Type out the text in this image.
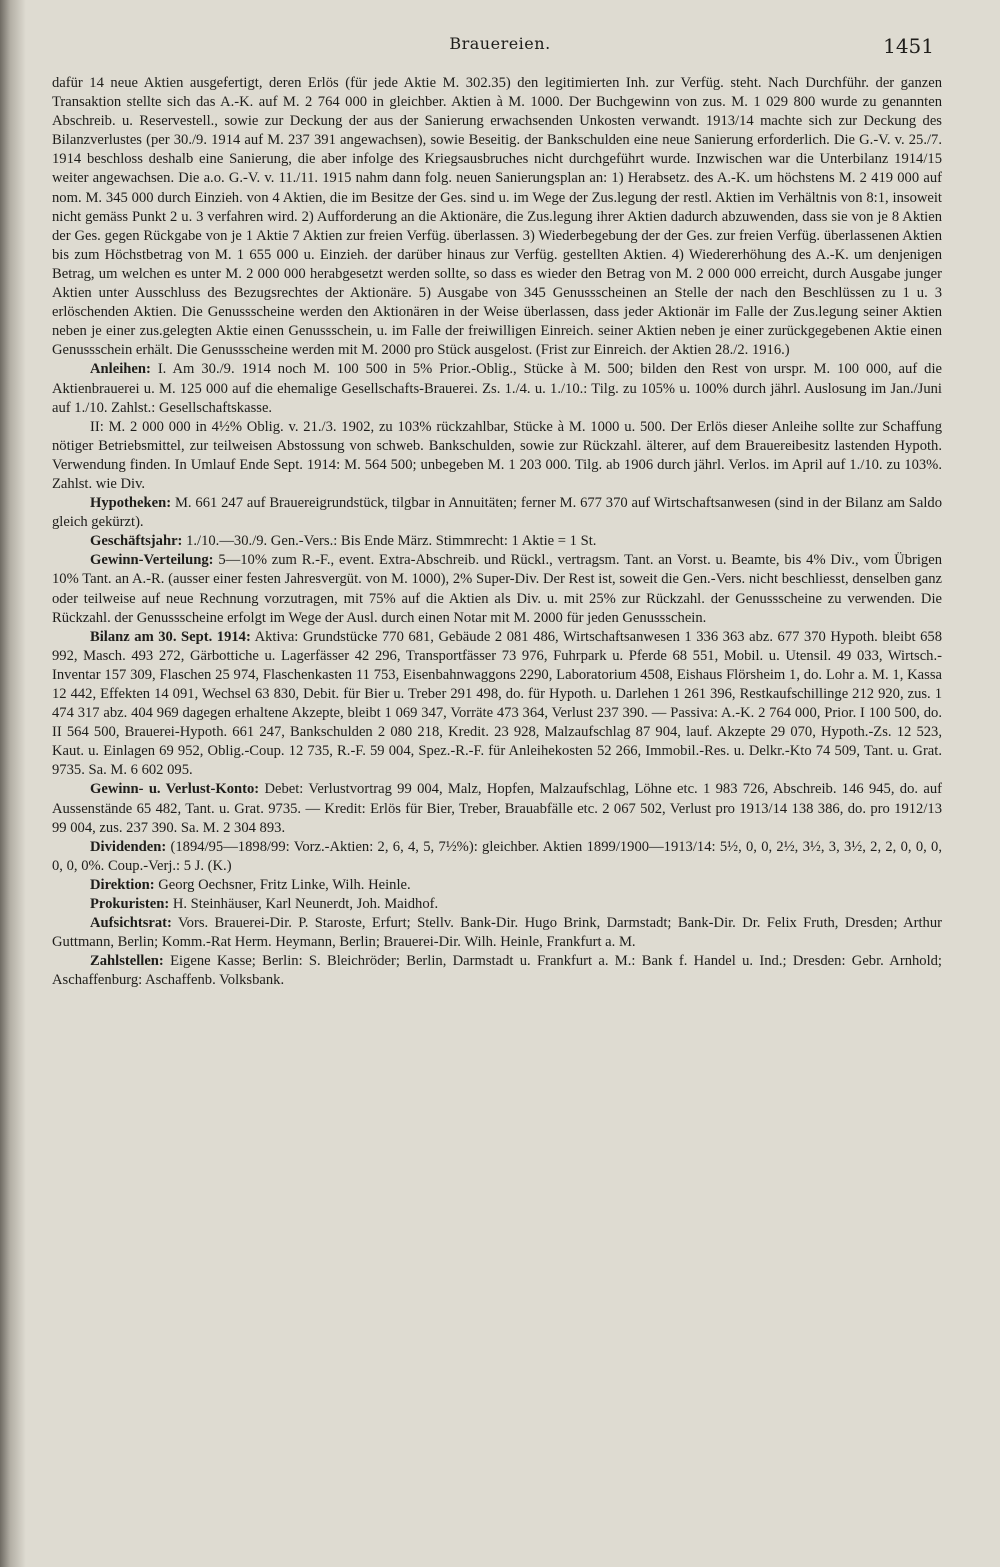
Brauereien.	1451

dafür 14 neue Aktien ausgefertigt, deren Erlös (für jede Aktie M. 302.35) den legitimierten Inh. zur Verfüg. steht. Nach Durchführ. der ganzen Transaktion stellte sich das A.-K. auf M. 2 764 000 in gleichber. Aktien à M. 1000. Der Buchgewinn von zus. M. 1 029 800 wurde zu genannten Abschreib. u. Reservestell., sowie zur Deckung der aus der Sanierung erwachsenden Unkosten verwandt. 1913/14 machte sich zur Deckung des Bilanzverlustes (per 30./9. 1914 auf M. 237 391 angewachsen), sowie Beseitig. der Bankschulden eine neue Sanierung erforderlich. Die G.-V. v. 25./7. 1914 beschloss deshalb eine Sanierung, die aber infolge des Kriegsausbruches nicht durchgeführt wurde. Inzwischen war die Unterbilanz 1914/15 weiter angewachsen. Die a.o. G.-V. v. 11./11. 1915 nahm dann folg. neuen Sanierungsplan an: 1) Herabsetz. des A.-K. um höchstens M. 2 419 000 auf nom. M. 345 000 durch Einzieh. von 4 Aktien, die im Besitze der Ges. sind u. im Wege der Zus.legung der restl. Aktien im Verhältnis von 8:1, insoweit nicht gemäss Punkt 2 u. 3 verfahren wird. 2) Aufforderung an die Aktionäre, die Zus.legung ihrer Aktien dadurch abzuwenden, dass sie von je 8 Aktien der Ges. gegen Rückgabe von je 1 Aktie 7 Aktien zur freien Verfüg. überlassen. 3) Wiederbegebung der der Ges. zur freien Verfüg. überlassenen Aktien bis zum Höchstbetrag von M. 1 655 000 u. Einzieh. der darüber hinaus zur Verfüg. gestellten Aktien. 4) Wiedererhöhung des A.-K. um denjenigen Betrag, um welchen es unter M. 2 000 000 herabgesetzt werden sollte, so dass es wieder den Betrag von M. 2 000 000 erreicht, durch Ausgabe junger Aktien unter Ausschluss des Bezugsrechtes der Aktionäre. 5) Ausgabe von 345 Genussscheinen an Stelle der nach den Beschlüssen zu 1 u. 3 erlöschenden Aktien. Die Genussscheine werden den Aktionären in der Weise überlassen, dass jeder Aktionär im Falle der Zus.legung seiner Aktien neben je einer zus.gelegten Aktie einen Genussschein, u. im Falle der freiwilligen Einreich. seiner Aktien neben je einer zurückgegebenen Aktie einen Genussschein erhält. Die Genussscheine werden mit M. 2000 pro Stück ausgelost. (Frist zur Einreich. der Aktien 28./2. 1916.)

Anleihen: I. Am 30./9. 1914 noch M. 100 500 in 5% Prior.-Oblig., Stücke à M. 500; bilden den Rest von urspr. M. 100 000, auf die Aktienbrauerei u. M. 125 000 auf die ehemalige Gesellschafts-Brauerei. Zs. 1./4. u. 1./10.: Tilg. zu 105% u. 100% durch jährl. Auslosung im Jan./Juni auf 1./10. Zahlst.: Gesellschaftskasse.

II: M. 2 000 000 in 4½% Oblig. v. 21./3. 1902, zu 103% rückzahlbar, Stücke à M. 1000 u. 500. Der Erlös dieser Anleihe sollte zur Schaffung nötiger Betriebsmittel, zur teilweisen Abstossung von schweb. Bankschulden, sowie zur Rückzahl. älterer, auf dem Brauereibesitz lastenden Hypoth. Verwendung finden. In Umlauf Ende Sept. 1914: M. 564 500; unbegeben M. 1 203 000. Tilg. ab 1906 durch jährl. Verlos. im April auf 1./10. zu 103%. Zahlst. wie Div.

Hypotheken: M. 661 247 auf Brauereigrundstück, tilgbar in Annuitäten; ferner M. 677 370 auf Wirtschaftsanwesen (sind in der Bilanz am Saldo gleich gekürzt).

Geschäftsjahr: 1./10.—30./9. Gen.-Vers.: Bis Ende März. Stimmrecht: 1 Aktie = 1 St.

Gewinn-Verteilung: 5—10% zum R.-F., event. Extra-Abschreib. und Rückl., vertragsm. Tant. an Vorst. u. Beamte, bis 4% Div., vom Übrigen 10% Tant. an A.-R. (ausser einer festen Jahresvergüt. von M. 1000), 2% Super-Div. Der Rest ist, soweit die Gen.-Vers. nicht beschliesst, denselben ganz oder teilweise auf neue Rechnung vorzutragen, mit 75% auf die Aktien als Div. u. mit 25% zur Rückzahl. der Genussscheine zu verwenden. Die Rückzahl. der Genussscheine erfolgt im Wege der Ausl. durch einen Notar mit M. 2000 für jeden Genussschein.

Bilanz am 30. Sept. 1914: Aktiva: Grundstücke 770 681, Gebäude 2 081 486, Wirtschaftsanwesen 1 336 363 abz. 677 370 Hypoth. bleibt 658 992, Masch. 493 272, Gärbottiche u. Lagerfässer 42 296, Transportfässer 73 976, Fuhrpark u. Pferde 68 551, Mobil. u. Utensil. 49 033, Wirtsch.-Inventar 157 309, Flaschen 25 974, Flaschenkasten 11 753, Eisenbahnwaggons 2290, Laboratorium 4508, Eishaus Flörsheim 1, do. Lohr a. M. 1, Kassa 12 442, Effekten 14 091, Wechsel 63 830, Debit. für Bier u. Treber 291 498, do. für Hypoth. u. Darlehen 1 261 396, Restkaufschillinge 212 920, zus. 1 474 317 abz. 404 969 dagegen erhaltene Akzepte, bleibt 1 069 347, Vorräte 473 364, Verlust 237 390. — Passiva: A.-K. 2 764 000, Prior. I 100 500, do. II 564 500, Brauerei-Hypoth. 661 247, Bankschulden 2 080 218, Kredit. 23 928, Malzaufschlag 87 904, lauf. Akzepte 29 070, Hypoth.-Zs. 12 523, Kaut. u. Einlagen 69 952, Oblig.-Coup. 12 735, R.-F. 59 004, Spez.-R.-F. für Anleihekosten 52 266, Immobil.-Res. u. Delkr.-Kto 74 509, Tant. u. Grat. 9735. Sa. M. 6 602 095.

Gewinn- u. Verlust-Konto: Debet: Verlustvortrag 99 004, Malz, Hopfen, Malzaufschlag, Löhne etc. 1 983 726, Abschreib. 146 945, do. auf Aussenstände 65 482, Tant. u. Grat. 9735. — Kredit: Erlös für Bier, Treber, Brauabfälle etc. 2 067 502, Verlust pro 1913/14 138 386, do. pro 1912/13 99 004, zus. 237 390. Sa. M. 2 304 893.

Dividenden: (1894/95—1898/99: Vorz.-Aktien: 2, 6, 4, 5, 7½%): gleichber. Aktien 1899/1900—1913/14: 5½, 0, 0, 2½, 3½, 3, 3½, 2, 2, 0, 0, 0, 0, 0, 0%. Coup.-Verj.: 5 J. (K.)

Direktion: Georg Oechsner, Fritz Linke, Wilh. Heinle.

Prokuristen: H. Steinhäuser, Karl Neunerdt, Joh. Maidhof.

Aufsichtsrat: Vors. Brauerei-Dir. P. Staroste, Erfurt; Stellv. Bank-Dir. Hugo Brink, Darmstadt; Bank-Dir. Dr. Felix Fruth, Dresden; Arthur Guttmann, Berlin; Komm.-Rat Herm. Heymann, Berlin; Brauerei-Dir. Wilh. Heinle, Frankfurt a. M.

Zahlstellen: Eigene Kasse; Berlin: S. Bleichröder; Berlin, Darmstadt u. Frankfurt a. M.: Bank f. Handel u. Ind.; Dresden: Gebr. Arnhold; Aschaffenburg: Aschaffenb. Volksbank.
